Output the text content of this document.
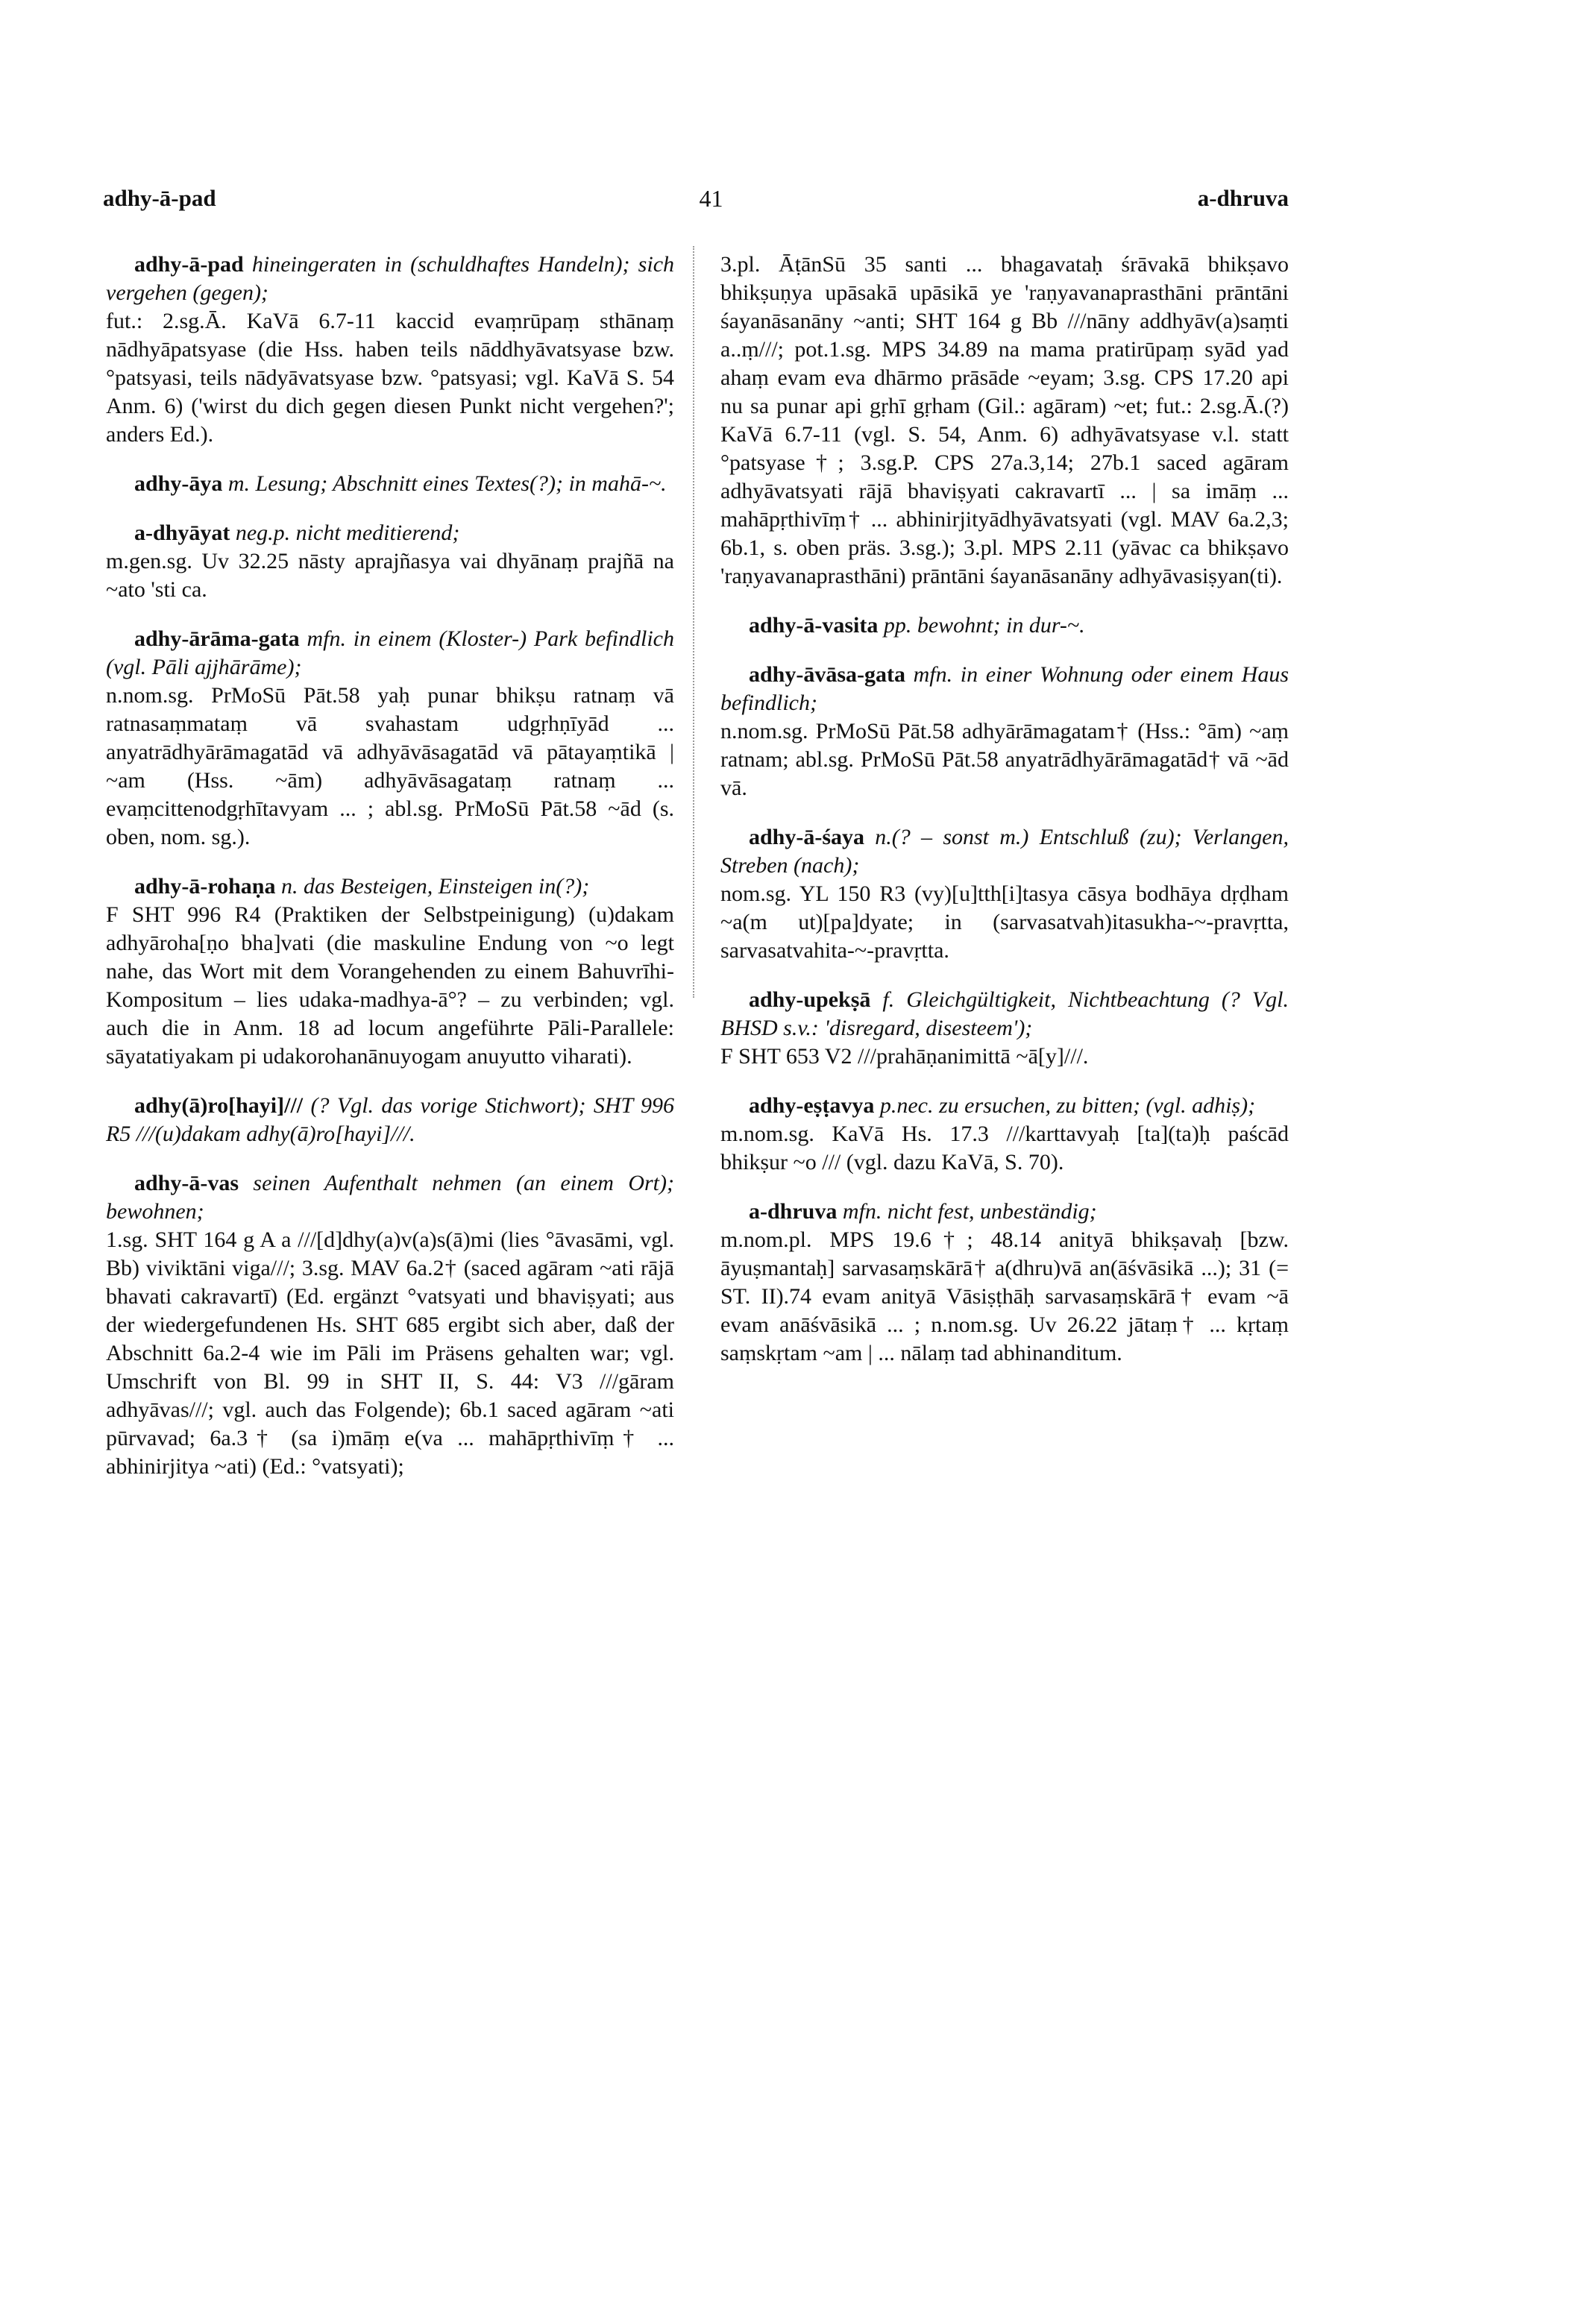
adhy-ā-pad	41	a-dhruva

adhy-ā-pad hineingeraten in (schuldhaftes Handeln); sich vergehen (gegen);

fut.: 2.sg.Ā. KaVā 6.7-11 kaccid evaṃrūpaṃ sthānaṃ nādhyāpatsyase (die Hss. haben teils nāddhyāvatsyase bzw. °patsyasi, teils nādyāvatsyase bzw. °patsyasi; vgl. KaVā S. 54 Anm. 6) ('wirst du dich gegen diesen Punkt nicht vergehen?'; anders Ed.).

adhy-āya m. Lesung; Abschnitt eines Textes(?); in mahā-~.

a-dhyāyat neg.p. nicht meditierend;

m.gen.sg. Uv 32.25 nāsty aprajñasya vai dhyānaṃ prajñā na ~ato 'sti ca.

adhy-ārāma-gata mfn. in einem (Kloster-) Park befindlich (vgl. Pāli ajjhārāme);

n.nom.sg. PrMoSū Pāt.58 yaḥ punar bhikṣu ratnaṃ vā ratnasaṃmataṃ vā svahastam udgṛhṇīyād ... anyatrādhyārāmagatād vā adhyāvāsagatād vā pātayaṃtikā | ~am (Hss. ~ām) adhyāvāsagataṃ ratnaṃ ... evaṃcittenodgṛhītavyam ... ; abl.sg. PrMoSū Pāt.58 ~ād (s. oben, nom. sg.).

adhy-ā-rohaṇa n. das Besteigen, Einsteigen in(?);

F SHT 996 R4 (Praktiken der Selbstpeinigung) (u)dakam adhyāroha[ṇo bha]vati (die maskuline Endung von ~o legt nahe, das Wort mit dem Vorangehenden zu einem Bahuvrīhi-Kompositum – lies udaka-madhya-ā°? – zu verbinden; vgl. auch die in Anm. 18 ad locum angeführte Pāli-Parallele: sāyatatiyakam pi udakorohanānuyogam anuyutto viharati).

adhy(ā)ro[hayi]/// (? Vgl. das vorige Stichwort); SHT 996 R5 ///(u)dakam adhy(ā)ro[hayi]///.

adhy-ā-vas seinen Aufenthalt nehmen (an einem Ort); bewohnen;

1.sg. SHT 164 g A a ///[d]dhy(a)v(a)s(ā)mi (lies °āvasāmi, vgl. Bb) viviktāni viga///; 3.sg. MAV 6a.2† (saced agāram ~ati rājā bhavati cakravartī) (Ed. ergänzt °vatsyati und bhaviṣyati; aus der wiedergefundenen Hs. SHT 685 ergibt sich aber, daß der Abschnitt 6a.2-4 wie im Pāli im Präsens gehalten war; vgl. Umschrift von Bl. 99 in SHT II, S. 44: V3 ///gāram adhyāvas///; vgl. auch das Folgende); 6b.1 saced agāram ~ati pūrvavad; 6a.3† (sa i)māṃ e(va ... mahāpṛthivīṃ† ... abhinirjitya ~ati) (Ed.: °vatsyati);

3.pl. ĀṭānSū 35 santi ... bhagavataḥ śrāvakā bhikṣavo bhikṣuṇya upāsakā upāsikā ye 'raṇyavanaprasthāni prāntāni śayanāsanāny ~anti; SHT 164 g Bb ///nāny addhyāv(a)saṃti a..ṃ///; pot.1.sg. MPS 34.89 na mama pratirūpaṃ syād yad ahaṃ evam eva dhārmo prāsāde ~eyam; 3.sg. CPS 17.20 api nu sa punar api gṛhī gṛham (Gil.: agāram) ~et; fut.: 2.sg.Ā.(?) KaVā 6.7-11 (vgl. S. 54, Anm. 6) adhyāvatsyase v.l. statt °patsyase†; 3.sg.P. CPS 27a.3,14; 27b.1 saced agāram adhyāvatsyati rājā bhaviṣyati cakravartī ... | sa imāṃ ... mahāpṛthivīṃ† ... abhinirjityādhyāvatsyati (vgl. MAV 6a.2,3; 6b.1, s. oben präs. 3.sg.); 3.pl. MPS 2.11 (yāvac ca bhikṣavo 'raṇyavanaprasthāni) prāntāni śayanāsanāny adhyāvasiṣyan(ti).

adhy-ā-vasita pp. bewohnt; in dur-~.

adhy-āvāsa-gata mfn. in einer Wohnung oder einem Haus befindlich;

n.nom.sg. PrMoSū Pāt.58 adhyārāmagatam† (Hss.: °ām) ~aṃ ratnam; abl.sg. PrMoSū Pāt.58 anyatrādhyārāmagatād† vā ~ād vā.

adhy-ā-śaya n.(? – sonst m.) Entschluß (zu); Verlangen, Streben (nach);

nom.sg. YL 150 R3 (vy)[u]tth[i]tasya cāsya bodhāya dṛḍham ~a(m ut)[pa]dyate; in (sarvasatvah)itasukha-~-pravṛtta, sarvasatvahita-~-pravṛtta.

adhy-upekṣā f. Gleichgültigkeit, Nichtbeachtung (? Vgl. BHSD s.v.: 'disregard, disesteem');

F SHT 653 V2 ///prahāṇanimittā ~ā[y]///.

adhy-eṣṭavya p.nec. zu ersuchen, zu bitten; (vgl. adhiṣ);

m.nom.sg. KaVā Hs. 17.3 ///karttavyaḥ [ta](ta)ḥ paścād bhikṣur ~o /// (vgl. dazu KaVā, S. 70).

a-dhruva mfn. nicht fest, unbeständig;

m.nom.pl. MPS 19.6†; 48.14 anityā bhikṣavaḥ [bzw. āyuṣmantaḥ] sarvasaṃskārā† a(dhru)vā an(āśvāsikā ...); 31 (= ST. II).74 evam anityā Vāsiṣṭhāḥ sarvasaṃskārā† evam ~ā evam anāśvāsikā ... ; n.nom.sg. Uv 26.22 jātaṃ† ... kṛtaṃ saṃskṛtam ~am | ... nālaṃ tad abhinanditum.
